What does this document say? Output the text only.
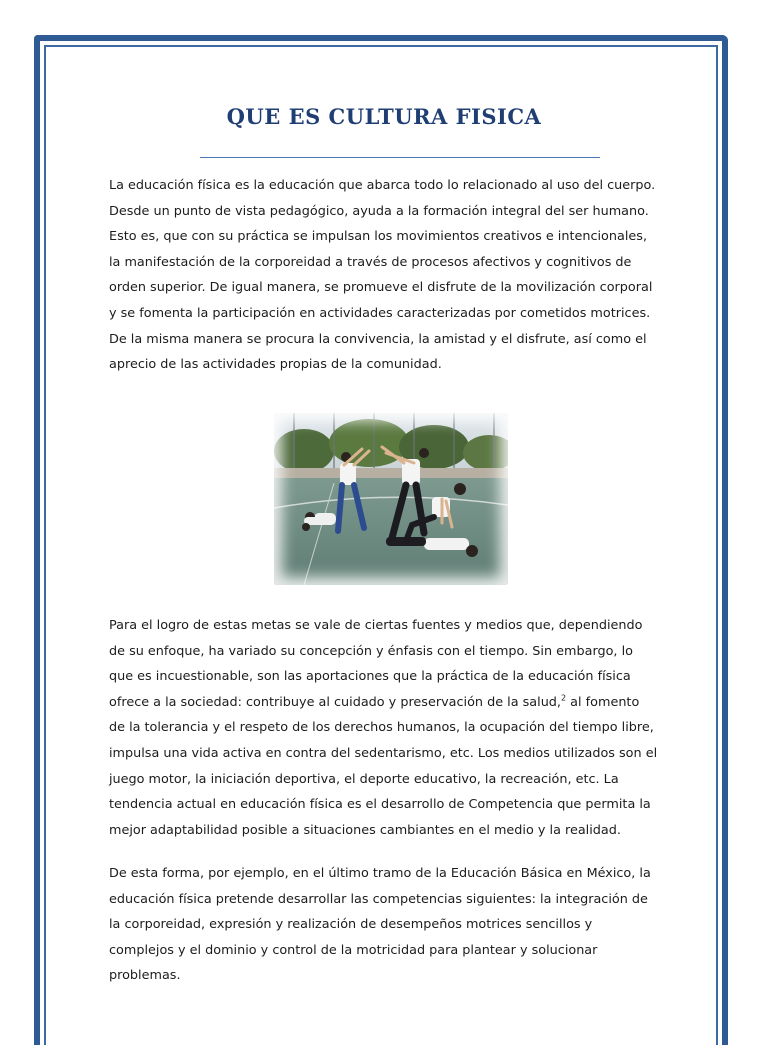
QUE ES CULTURA FISICA

La educación física es la educación que abarca todo lo relacionado al uso del cuerpo. Desde un punto de vista pedagógico, ayuda a la formación integral del ser humano. Esto es, que con su práctica se impulsan los movimientos creativos e intencionales, la manifestación de la corporeidad a través de procesos afectivos y cognitivos de orden superior. De igual manera, se promueve el disfrute de la movilización corporal y se fomenta la participación en actividades caracterizadas por cometidos motrices. De la misma manera se procura la convivencia, la amistad y el disfrute, así como el aprecio de las actividades propias de la comunidad.

Para el logro de estas metas se vale de ciertas fuentes y medios que, dependiendo de su enfoque, ha variado su concepción y énfasis con el tiempo. Sin embargo, lo que es incuestionable, son las aportaciones que la práctica de la educación física ofrece a la sociedad: contribuye al cuidado y preservación de la salud,$^2$ al fomento de la tolerancia y el respeto de los derechos humanos, la ocupación del tiempo libre, impulsa una vida activa en contra del sedentarismo, etc. Los medios utilizados son el juego motor, la iniciación deportiva, el deporte educativo, la recreación, etc. La tendencia actual en educación física es el desarrollo de Competencia que permita la mejor adaptabilidad posible a situaciones cambiantes en el medio y la realidad.

De esta forma, por ejemplo, en el último tramo de la Educación Básica en México, la educación física pretende desarrollar las competencias siguientes: la integración de la corporeidad, expresión y realización de desempeños motrices sencillos y complejos y el dominio y control de la motricidad para plantear y solucionar problemas.
